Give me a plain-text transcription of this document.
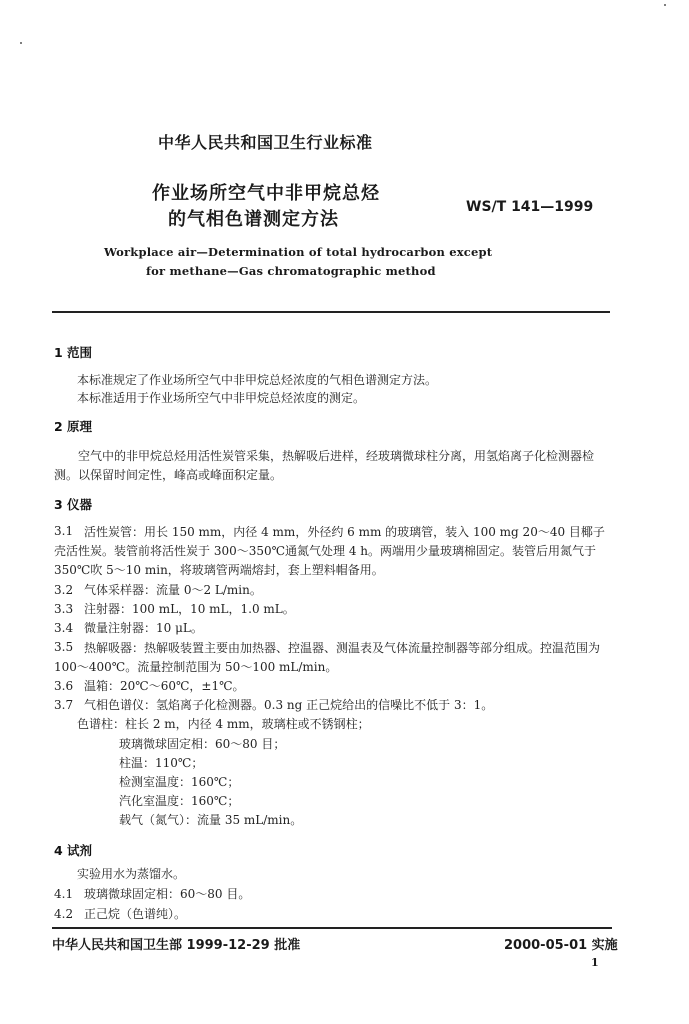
中华人民共和国卫生行业标准
作业场所空气中非甲烷总烃
的气相色谱测定方法
WS/T 141—1999
Workplace air—Determination of total hydrocarbon except
for methane—Gas chromatographic method
1 范围
本标准规定了作业场所空气中非甲烷总烃浓度的气相色谱测定方法。
本标准适用于作业场所空气中非甲烷总烃浓度的测定。
2 原理
空气中的非甲烷总烃用活性炭管采集，热解吸后进样，经玻璃微球柱分离，用氢焰离子化检测器检测。以保留时间定性，峰高或峰面积定量。
3 仪器
3.1 活性炭管：用长 150 mm，内径 4 mm，外径约 6 mm 的玻璃管，装入 100 mg 20～40 目椰子壳活性炭。装管前将活性炭于 300～350℃通氮气处理 4 h。两端用少量玻璃棉固定。装管后用氮气于 350℃吹 5～10 min，将玻璃管两端熔封，套上塑料帽备用。
3.2 气体采样器：流量 0～2 L/min。
3.3 注射器：100 mL，10 mL，1.0 mL。
3.4 微量注射器：10 μL。
3.5 热解吸器：热解吸装置主要由加热器、控温器、测温表及气体流量控制器等部分组成。控温范围为 100～400℃。流量控制范围为 50～100 mL/min。
3.6 温箱：20℃～60℃，±1℃。
3.7 气相色谱仪：氢焰离子化检测器。0.3 ng 正己烷给出的信噪比不低于 3：1。
色谱柱：柱长 2 m，内径 4 mm，玻璃柱或不锈钢柱；
玻璃微球固定相：60～80 目；
柱温：110℃；
检测室温度：160℃；
汽化室温度：160℃；
载气（氮气）：流量 35 mL/min。
4 试剂
实验用水为蒸馏水。
4.1 玻璃微球固定相：60～80 目。
4.2 正己烷（色谱纯）。
中华人民共和国卫生部 1999-12-29 批准	2000-05-01 实施
1
